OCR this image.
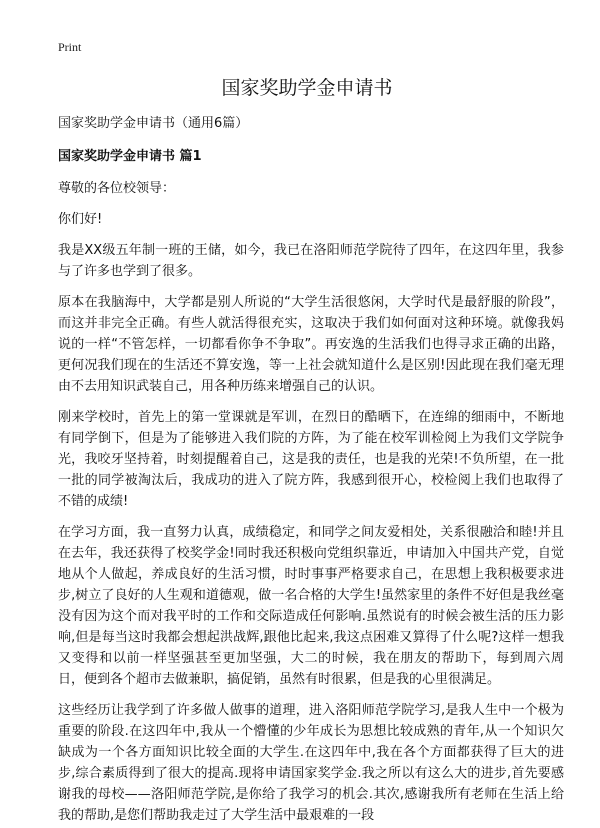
Print
国家奖助学金申请书
国家奖助学金申请书（通用6篇）
国家奖助学金申请书 篇1

尊敬的各位校领导：

你们好!

我是XX级五年制一班的王储，如今，我已在洛阳师范学院待了四年，在这四年里，我参与了许多也学到了很多。

原本在我脑海中，大学都是别人所说的“大学生活很悠闲，大学时代是最舒服的阶段”，而这并非完全正确。有些人就活得很充实，这取决于我们如何面对这种环境。就像我妈说的一样“不管怎样，一切都看你争不争取”。再安逸的生活我们也得寻求正确的出路，更何况我们现在的生活还不算安逸，等一上社会就知道什么是区别!因此现在我们毫无理由不去用知识武装自己，用各种历练来增强自己的认识。

刚来学校时，首先上的第一堂课就是军训，在烈日的酷晒下，在连绵的细雨中，不断地有同学倒下，但是为了能够进入我们院的方阵，为了能在校军训检阅上为我们文学院争光，我咬牙坚持着，时刻提醒着自己，这是我的责任，也是我的光荣!不负所望，在一批一批的同学被淘汰后，我成功的进入了院方阵，我感到很开心，校检阅上我们也取得了不错的成绩!

在学习方面，我一直努力认真，成绩稳定，和同学之间友爱相处，关系很融洽和睦!并且在去年，我还获得了校奖学金!同时我还积极向党组织靠近，申请加入中国共产党，自觉地从个人做起，养成良好的生活习惯，时时事事严格要求自己，在思想上我积极要求进步,树立了良好的人生观和道德观，做一名合格的大学生!虽然家里的条件不好但是我丝毫没有因为这个而对我平时的工作和交际造成任何影响.虽然说有的时候会被生活的压力影响,但是每当这时我都会想起洪战辉,跟他比起来,我这点困难又算得了什么呢?这样一想我又变得和以前一样坚强甚至更加坚强，大二的时候，我在朋友的帮助下，每到周六周日，便到各个超市去做兼职，搞促销，虽然有时很累，但是我的心里很满足。

这些经历让我学到了许多做人做事的道理，进入洛阳师范学院学习,是我人生中一个极为重要的阶段.在这四年中,我从一个懵懂的少年成长为思想比较成熟的青年,从一个知识欠缺成为一个各方面知识比较全面的大学生.在这四年中,我在各个方面都获得了巨大的进步,综合素质得到了很大的提高.现将申请国家奖学金.我之所以有这么大的进步,首先要感谢我的母校——洛阳师范学院,是你给了我学习的机会.其次,感谢我所有老师在生活上给我的帮助,是您们帮助我走过了大学生活中最艰难的一段
